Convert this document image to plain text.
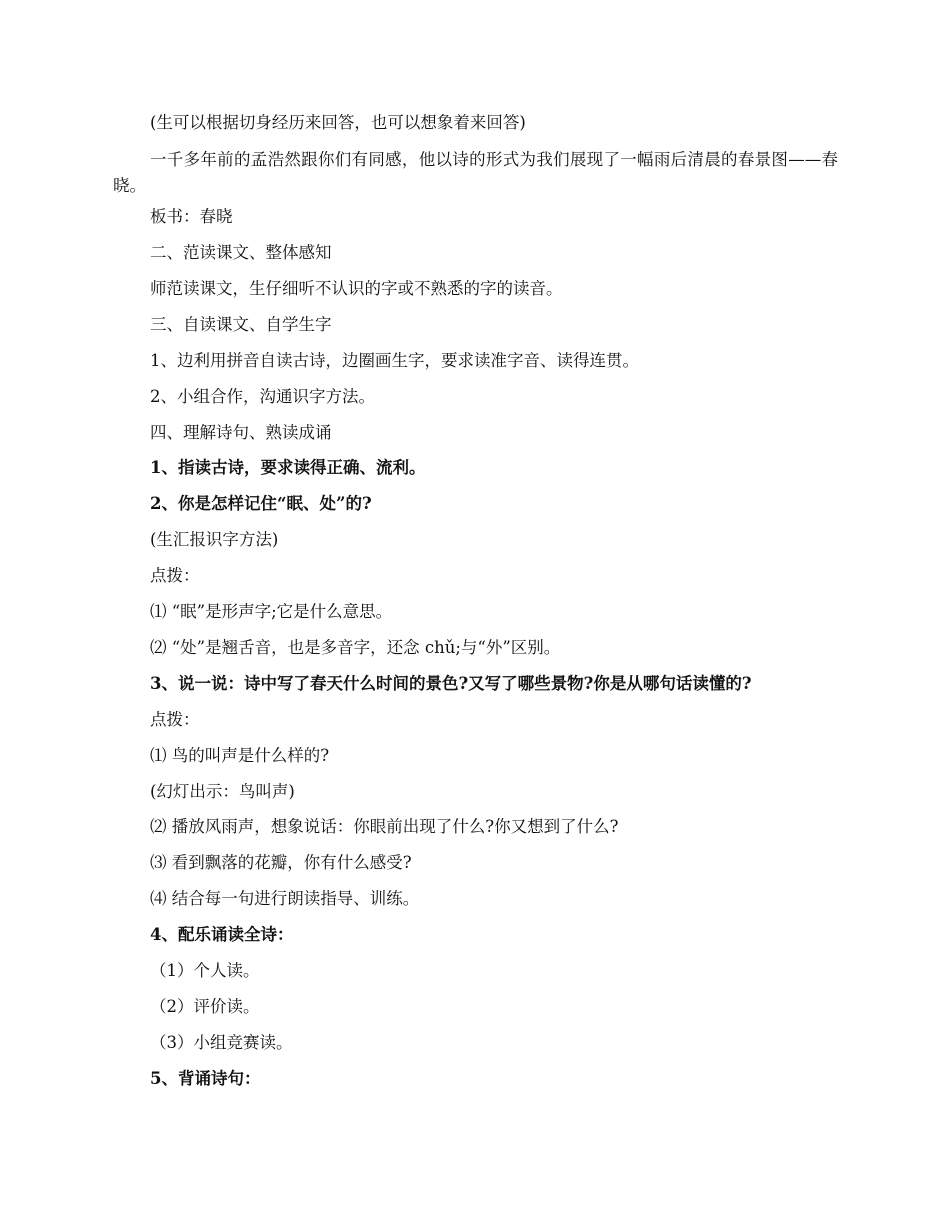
(生可以根据切身经历来回答，也可以想象着来回答)
一千多年前的孟浩然跟你们有同感，他以诗的形式为我们展现了一幅雨后清晨的春景图——春晓。
板书：春晓
二、范读课文、整体感知
师范读课文，生仔细听不认识的字或不熟悉的字的读音。
三、自读课文、自学生字
1、边利用拼音自读古诗，边圈画生字，要求读准字音、读得连贯。
2、小组合作，沟通识字方法。
四、理解诗句、熟读成诵
1、指读古诗，要求读得正确、流利。
2、你是怎样记住“眠、处”的?
(生汇报识字方法)
点拨：
⑴ “眠”是形声字;它是什么意思。
⑵ “处”是翘舌音，也是多音字，还念 chǔ;与“外”区别。
3、说一说：诗中写了春天什么时间的景色?又写了哪些景物?你是从哪句话读懂的?
点拨：
⑴ 鸟的叫声是什么样的?
(幻灯出示：鸟叫声)
⑵ 播放风雨声，想象说话：你眼前出现了什么?你又想到了什么?
⑶ 看到飘落的花瓣，你有什么感受?
⑷ 结合每一句进行朗读指导、训练。
4、配乐诵读全诗：
（1）个人读。
（2）评价读。
（3）小组竞赛读。
5、背诵诗句：
